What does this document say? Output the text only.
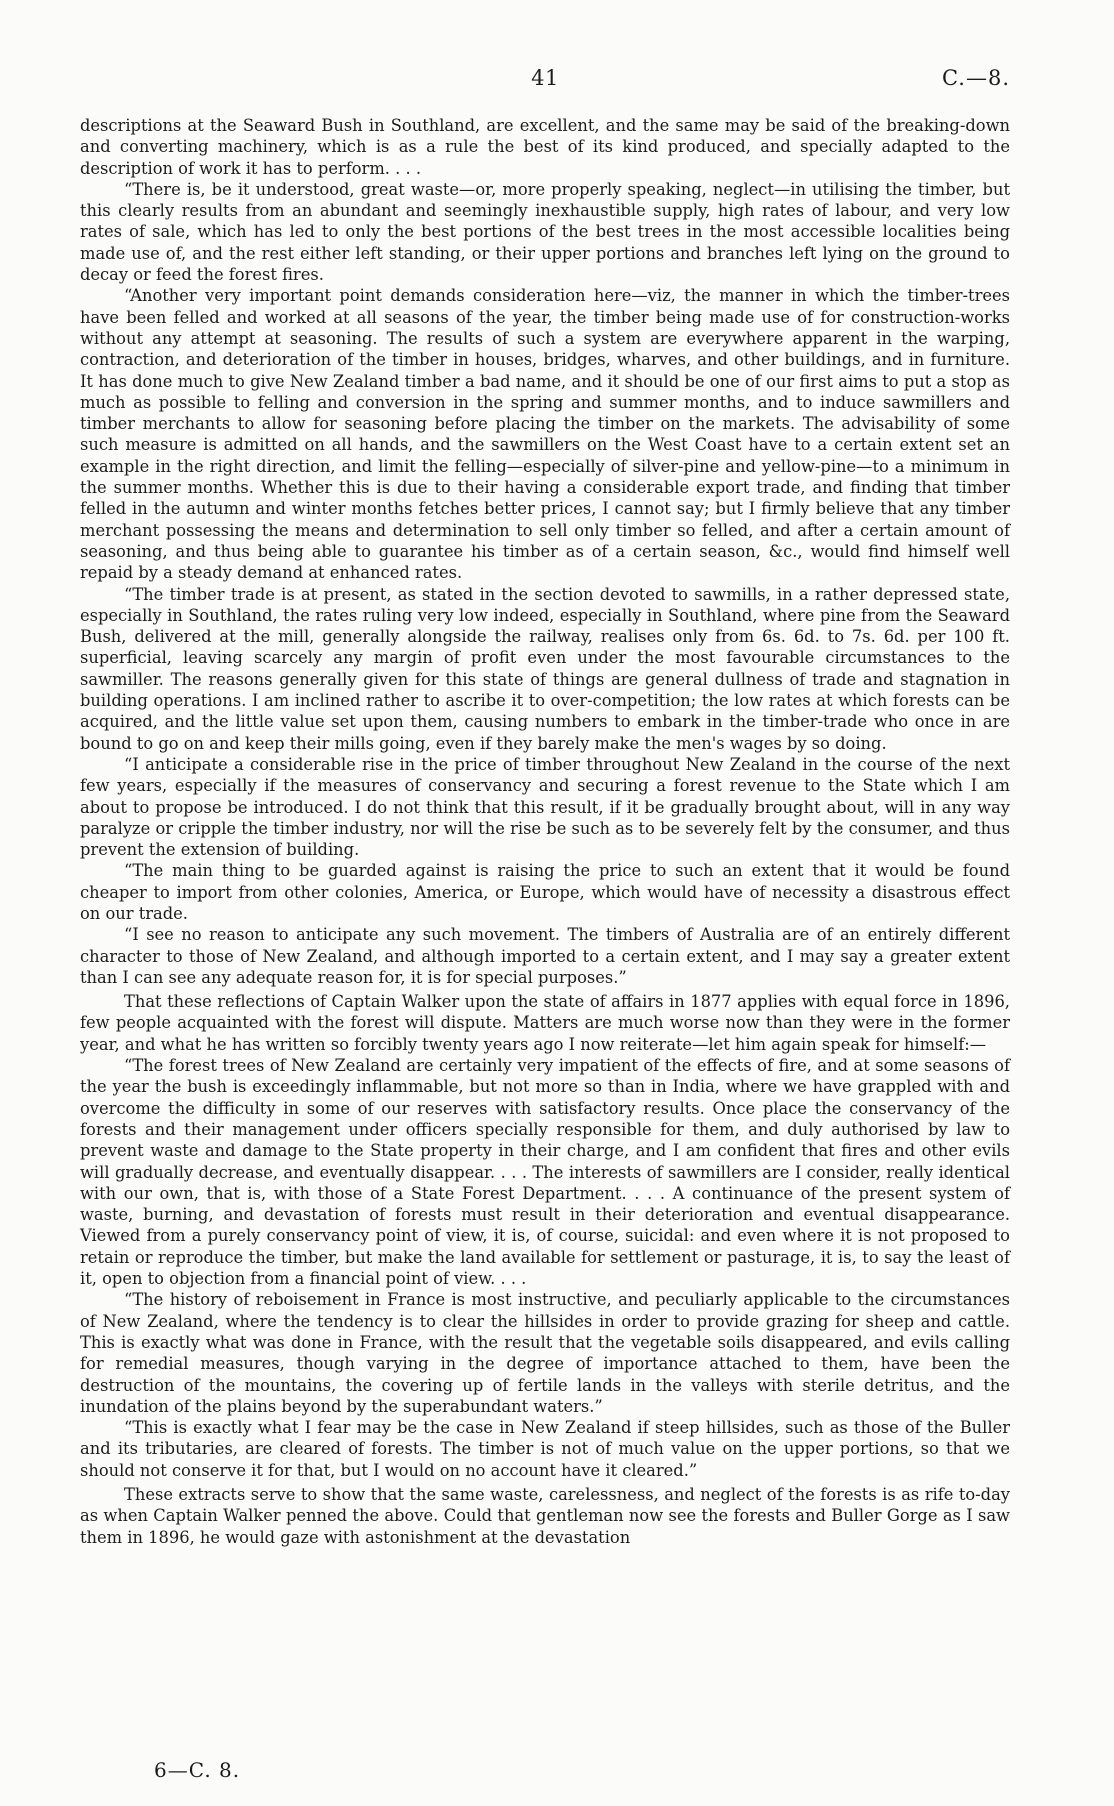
41	C.—8.

descriptions at the Seaward Bush in Southland, are excellent, and the same may be said of the breaking-down and converting machinery, which is as a rule the best of its kind produced, and specially adapted to the description of work it has to perform. . . .

“There is, be it understood, great waste—or, more properly speaking, neglect—in utilising the timber, but this clearly results from an abundant and seemingly inexhaustible supply, high rates of labour, and very low rates of sale, which has led to only the best portions of the best trees in the most accessible localities being made use of, and the rest either left standing, or their upper portions and branches left lying on the ground to decay or feed the forest fires.

“Another very important point demands consideration here—viz, the manner in which the timber-trees have been felled and worked at all seasons of the year, the timber being made use of for construction-works without any attempt at seasoning. The results of such a system are everywhere apparent in the warping, contraction, and deterioration of the timber in houses, bridges, wharves, and other buildings, and in furniture. It has done much to give New Zealand timber a bad name, and it should be one of our first aims to put a stop as much as possible to felling and conversion in the spring and summer months, and to induce sawmillers and timber merchants to allow for seasoning before placing the timber on the markets. The advisability of some such measure is admitted on all hands, and the sawmillers on the West Coast have to a certain extent set an example in the right direction, and limit the felling—especially of silver-pine and yellow-pine—to a minimum in the summer months. Whether this is due to their having a considerable export trade, and finding that timber felled in the autumn and winter months fetches better prices, I cannot say; but I firmly believe that any timber merchant possessing the means and determination to sell only timber so felled, and after a certain amount of seasoning, and thus being able to guarantee his timber as of a certain season, &c., would find himself well repaid by a steady demand at enhanced rates.

“The timber trade is at present, as stated in the section devoted to sawmills, in a rather depressed state, especially in Southland, the rates ruling very low indeed, especially in Southland, where pine from the Seaward Bush, delivered at the mill, generally alongside the railway, realises only from 6s. 6d. to 7s. 6d. per 100 ft. superficial, leaving scarcely any margin of profit even under the most favourable circumstances to the sawmiller. The reasons generally given for this state of things are general dullness of trade and stagnation in building operations. I am inclined rather to ascribe it to over-competition; the low rates at which forests can be acquired, and the little value set upon them, causing numbers to embark in the timber-trade who once in are bound to go on and keep their mills going, even if they barely make the men's wages by so doing.

“I anticipate a considerable rise in the price of timber throughout New Zealand in the course of the next few years, especially if the measures of conservancy and securing a forest revenue to the State which I am about to propose be introduced. I do not think that this result, if it be gradually brought about, will in any way paralyze or cripple the timber industry, nor will the rise be such as to be severely felt by the consumer, and thus prevent the extension of building.

“The main thing to be guarded against is raising the price to such an extent that it would be found cheaper to import from other colonies, America, or Europe, which would have of necessity a disastrous effect on our trade.

“I see no reason to anticipate any such movement. The timbers of Australia are of an entirely different character to those of New Zealand, and although imported to a certain extent, and I may say a greater extent than I can see any adequate reason for, it is for special purposes.”

That these reflections of Captain Walker upon the state of affairs in 1877 applies with equal force in 1896, few people acquainted with the forest will dispute. Matters are much worse now than they were in the former year, and what he has written so forcibly twenty years ago I now reiterate—let him again speak for himself:—

“The forest trees of New Zealand are certainly very impatient of the effects of fire, and at some seasons of the year the bush is exceedingly inflammable, but not more so than in India, where we have grappled with and overcome the difficulty in some of our reserves with satisfactory results. Once place the conservancy of the forests and their management under officers specially responsible for them, and duly authorised by law to prevent waste and damage to the State property in their charge, and I am confident that fires and other evils will gradually decrease, and eventually disappear. . . . The interests of sawmillers are I consider, really identical with our own, that is, with those of a State Forest Department. . . . A continuance of the present system of waste, burning, and devastation of forests must result in their deterioration and eventual disappearance. Viewed from a purely conservancy point of view, it is, of course, suicidal: and even where it is not proposed to retain or reproduce the timber, but make the land available for settlement or pasturage, it is, to say the least of it, open to objection from a financial point of view. . . .

“The history of reboisement in France is most instructive, and peculiarly applicable to the circumstances of New Zealand, where the tendency is to clear the hillsides in order to provide grazing for sheep and cattle. This is exactly what was done in France, with the result that the vegetable soils disappeared, and evils calling for remedial measures, though varying in the degree of importance attached to them, have been the destruction of the mountains, the covering up of fertile lands in the valleys with sterile detritus, and the inundation of the plains beyond by the superabundant waters.”

“This is exactly what I fear may be the case in New Zealand if steep hillsides, such as those of the Buller and its tributaries, are cleared of forests. The timber is not of much value on the upper portions, so that we should not conserve it for that, but I would on no account have it cleared.”

These extracts serve to show that the same waste, carelessness, and neglect of the forests is as rife to-day as when Captain Walker penned the above. Could that gentleman now see the forests and Buller Gorge as I saw them in 1896, he would gaze with astonishment at the devastation

6—C. 8.
